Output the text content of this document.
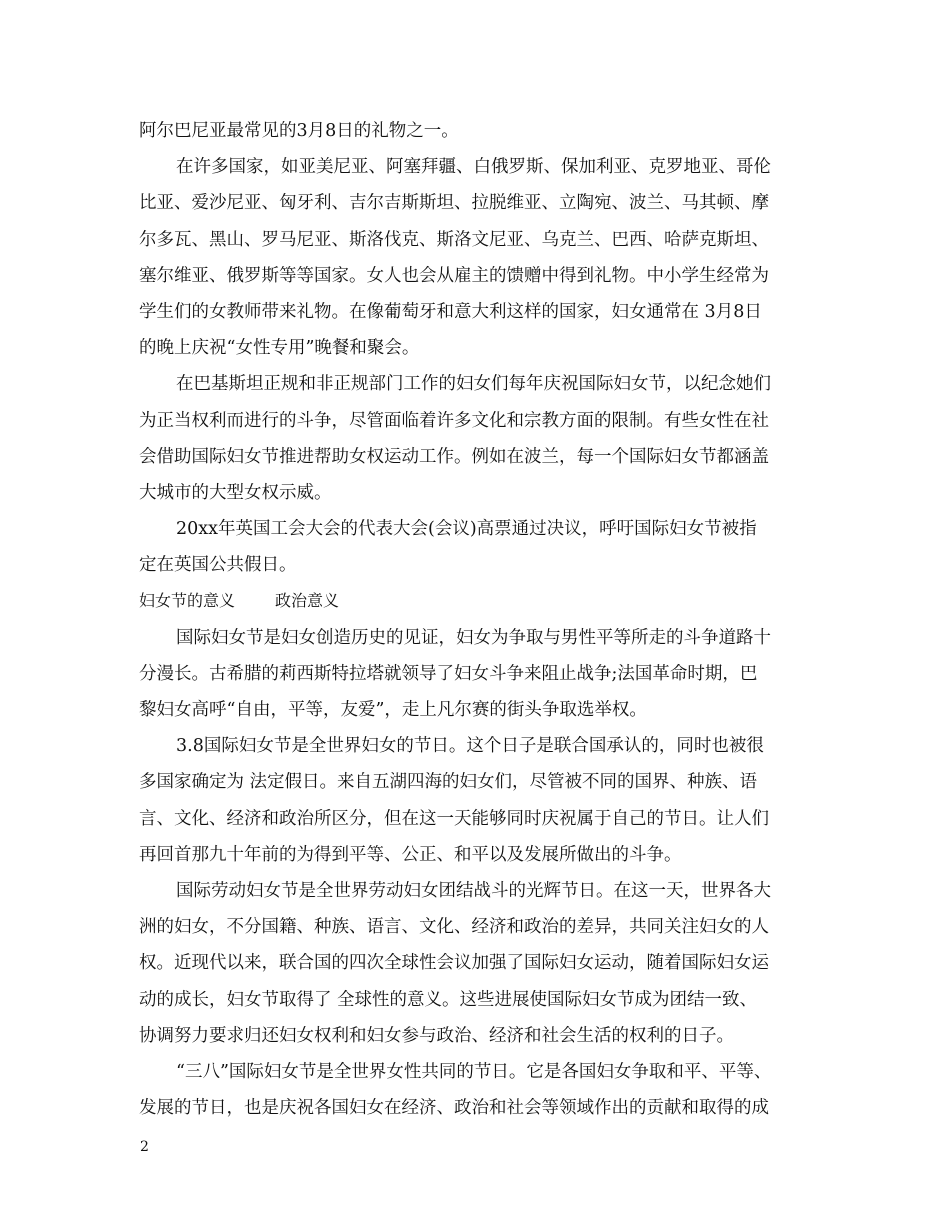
阿尔巴尼亚最常见的3月8日的礼物之一。
在许多国家，如亚美尼亚、阿塞拜疆、白俄罗斯、保加利亚、克罗地亚、哥伦
比亚、爱沙尼亚、匈牙利、吉尔吉斯斯坦、拉脱维亚、立陶宛、波兰、马其顿、摩
尔多瓦、黑山、罗马尼亚、斯洛伐克、斯洛文尼亚、乌克兰、巴西、哈萨克斯坦、
塞尔维亚、俄罗斯等等国家。女人也会从雇主的馈赠中得到礼物。中小学生经常为
学生们的女教师带来礼物。在像葡萄牙和意大利这样的国家，妇女通常在 3月8日
的晚上庆祝“女性专用”晚餐和聚会。
在巴基斯坦正规和非正规部门工作的妇女们每年庆祝国际妇女节，以纪念她们
为正当权利而进行的斗争，尽管面临着许多文化和宗教方面的限制。有些女性在社
会借助国际妇女节推进帮助女权运动工作。例如在波兰，每一个国际妇女节都涵盖
大城市的大型女权示威。
20xx年英国工会大会的代表大会(会议)高票通过决议，呼吁国际妇女节被指
定在英国公共假日。
妇女节的意义	政治意义
国际妇女节是妇女创造历史的见证，妇女为争取与男性平等所走的斗争道路十
分漫长。古希腊的莉西斯特拉塔就领导了妇女斗争来阻止战争;法国革命时期，巴
黎妇女高呼“自由，平等，友爱”，走上凡尔赛的街头争取选举权。
3.8国际妇女节是全世界妇女的节日。这个日子是联合国承认的，同时也被很
多国家确定为 法定假日。来自五湖四海的妇女们，尽管被不同的国界、种族、语
言、文化、经济和政治所区分，但在这一天能够同时庆祝属于自己的节日。让人们
再回首那九十年前的为得到平等、公正、和平以及发展所做出的斗争。
国际劳动妇女节是全世界劳动妇女团结战斗的光辉节日。在这一天，世界各大
洲的妇女，不分国籍、种族、语言、文化、经济和政治的差异，共同关注妇女的人
权。近现代以来，联合国的四次全球性会议加强了国际妇女运动，随着国际妇女运
动的成长，妇女节取得了 全球性的意义。这些进展使国际妇女节成为团结一致、
协调努力要求归还妇女权利和妇女参与政治、经济和社会生活的权利的日子。
“三八”国际妇女节是全世界女性共同的节日。它是各国妇女争取和平、平等、
发展的节日，也是庆祝各国妇女在经济、政治和社会等领域作出的贡献和取得的成
2
